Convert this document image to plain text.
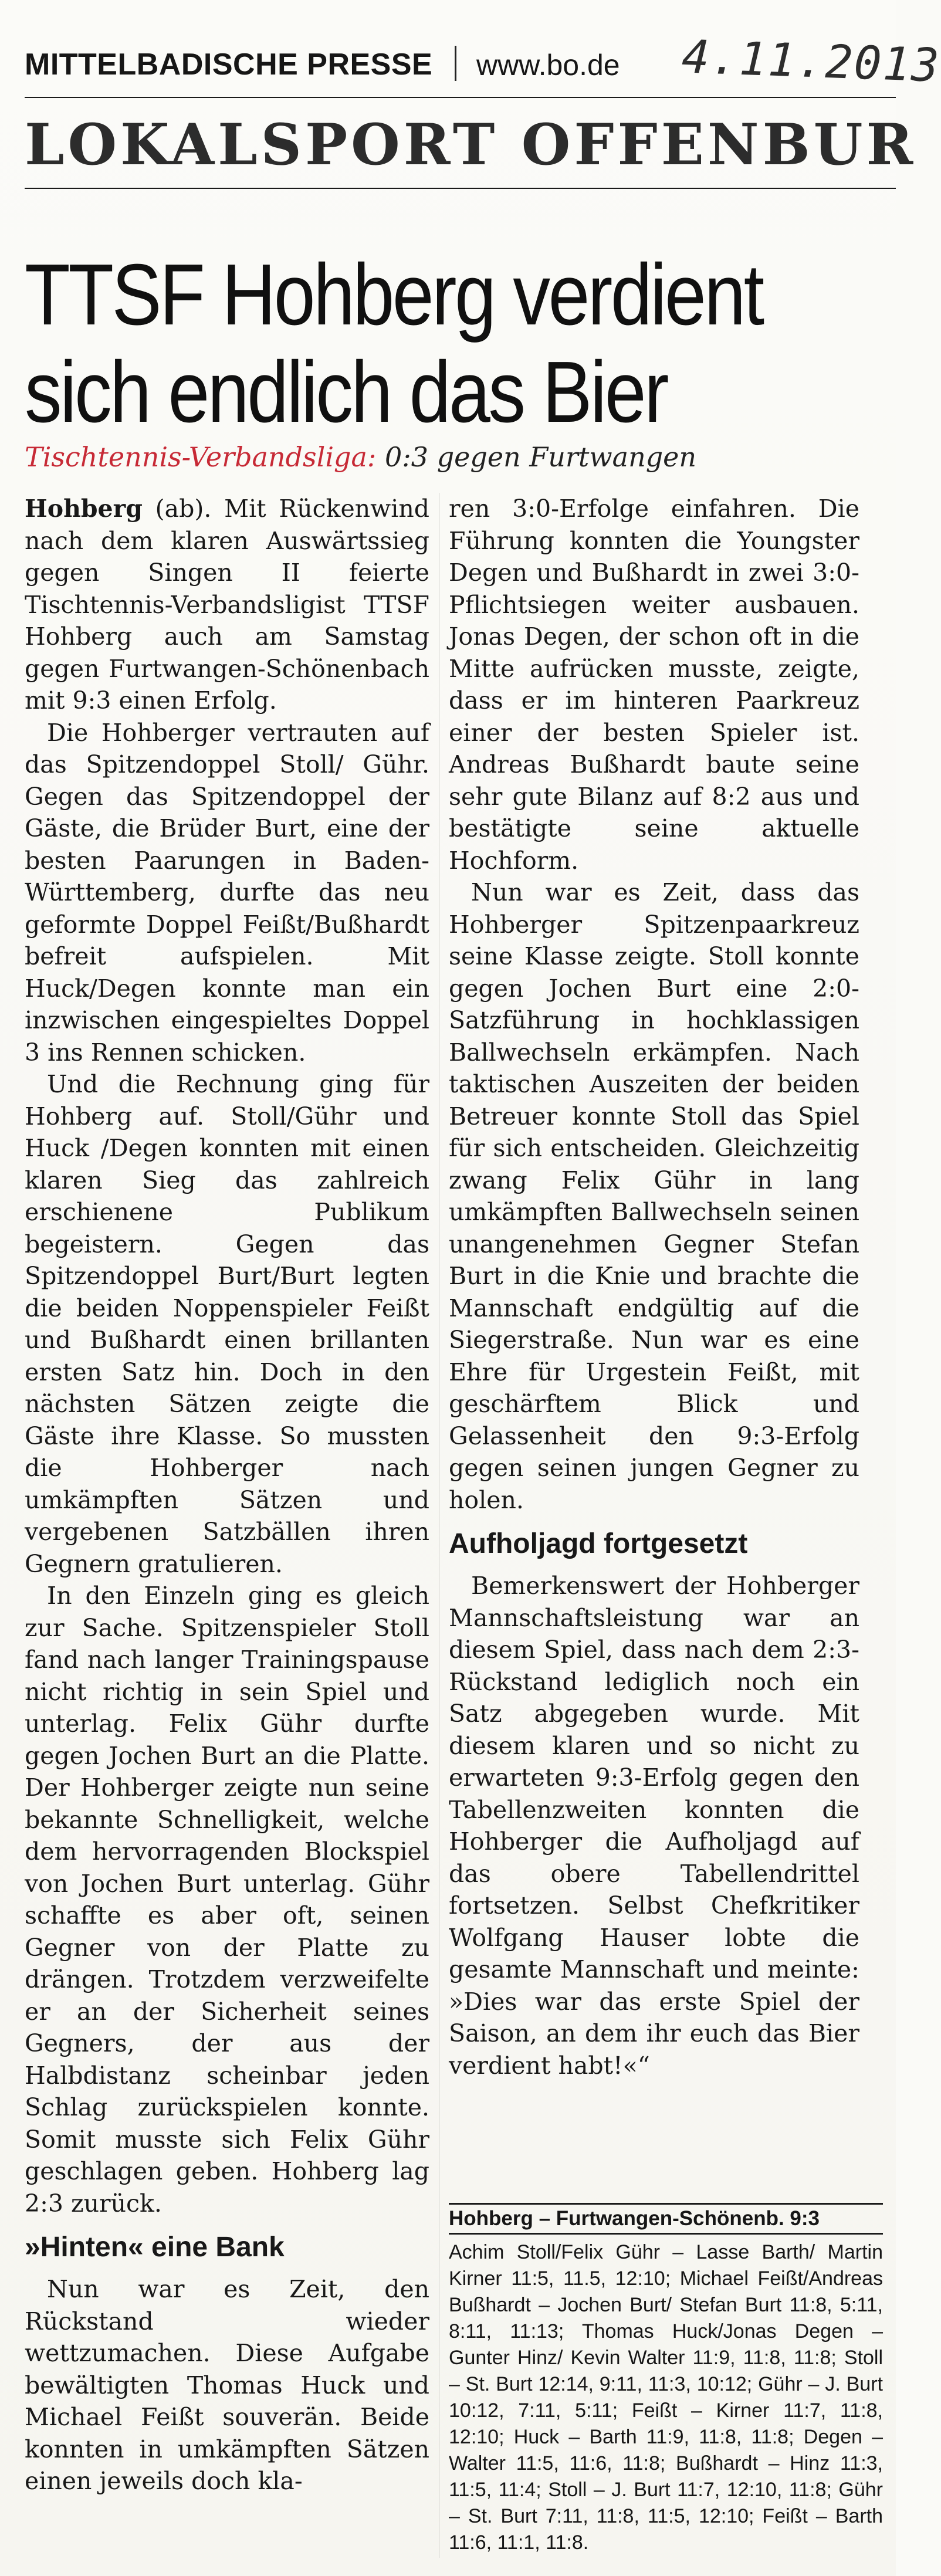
MITTELBADISCHE PRESSE www.bo.de 4.11.2013
LOKALSPORT OFFENBUR
TTSF Hohberg verdient
sich endlich das Bier
Tischtennis-Verbandsliga: 0:3 gegen Furtwangen

Hohberg (ab). Mit Rückenwind nach dem klaren Auswärtssieg gegen Singen II feierte Tischtennis-Verbandsligist TTSF Hohberg auch am Samstag gegen Furtwangen-Schönenbach mit 9:3 einen Erfolg.

Die Hohberger vertrauten auf das Spitzendoppel Stoll/ Gühr. Gegen das Spitzendoppel der Gäste, die Brüder Burt, eine der besten Paarungen in Baden-Württemberg, durfte das neu geformte Doppel Feißt/Bußhardt befreit aufspielen. Mit Huck/Degen konnte man ein inzwischen eingespieltes Doppel 3 ins Rennen schicken.

Und die Rechnung ging für Hohberg auf. Stoll/Gühr und Huck /Degen konnten mit einen klaren Sieg das zahlreich erschienene Publikum begeistern. Gegen das Spitzendoppel Burt/Burt legten die beiden Noppenspieler Feißt und Bußhardt einen brillanten ersten Satz hin. Doch in den nächsten Sätzen zeigte die Gäste ihre Klasse. So mussten die Hohberger nach umkämpften Sätzen und vergebenen Satzbällen ihren Gegnern gratulieren.

In den Einzeln ging es gleich zur Sache. Spitzenspieler Stoll fand nach langer Trainingspause nicht richtig in sein Spiel und unterlag. Felix Gühr durfte gegen Jochen Burt an die Platte. Der Hohberger zeigte nun seine bekannte Schnelligkeit, welche dem hervorragenden Blockspiel von Jochen Burt unterlag. Gühr schaffte es aber oft, seinen Gegner von der Platte zu drängen. Trotzdem verzweifelte er an der Sicherheit seines Gegners, der aus der Halbdistanz scheinbar jeden Schlag zurückspielen konnte. Somit musste sich Felix Gühr geschlagen geben. Hohberg lag 2:3 zurück.

»Hinten« eine Bank

Nun war es Zeit, den Rückstand wieder wettzumachen. Diese Aufgabe bewältigten Thomas Huck und Michael Feißt souverän. Beide konnten in umkämpften Sätzen einen jeweils doch kla-

ren 3:0-Erfolge einfahren. Die Führung konnten die Youngster Degen und Bußhardt in zwei 3:0-Pflichtsiegen weiter ausbauen. Jonas Degen, der schon oft in die Mitte aufrücken musste, zeigte, dass er im hinteren Paarkreuz einer der besten Spieler ist. Andreas Bußhardt baute seine sehr gute Bilanz auf 8:2 aus und bestätigte seine aktuelle Hochform.

Nun war es Zeit, dass das Hohberger Spitzenpaarkreuz seine Klasse zeigte. Stoll konnte gegen Jochen Burt eine 2:0-Satzführung in hochklassigen Ballwechseln erkämpfen. Nach taktischen Auszeiten der beiden Betreuer konnte Stoll das Spiel für sich entscheiden. Gleichzeitig zwang Felix Gühr in lang umkämpften Ballwechseln seinen unangenehmen Gegner Stefan Burt in die Knie und brachte die Mannschaft endgültig auf die Siegerstraße. Nun war es eine Ehre für Urgestein Feißt, mit geschärftem Blick und Gelassenheit den 9:3-Erfolg gegen seinen jungen Gegner zu holen.

Aufholjagd fortgesetzt

Bemerkenswert der Hohberger Mannschaftsleistung war an diesem Spiel, dass nach dem 2:3-Rückstand lediglich noch ein Satz abgegeben wurde. Mit diesem klaren und so nicht zu erwarteten 9:3-Erfolg gegen den Tabellenzweiten konnten die Hohberger die Aufholjagd auf das obere Tabellendrittel fortsetzen. Selbst Chefkritiker Wolfgang Hauser lobte die gesamte Mannschaft und meinte: »Dies war das erste Spiel der Saison, an dem ihr euch das Bier verdient habt!«“

Hohberg – Furtwangen-Schönenb. 9:3
Achim Stoll/Felix Gühr – Lasse Barth/ Martin Kirner 11:5, 11.5, 12:10; Michael Feißt/Andreas Bußhardt – Jochen Burt/ Stefan Burt 11:8, 5:11, 8:11, 11:13; Thomas Huck/Jonas Degen – Gunter Hinz/ Kevin Walter 11:9, 11:8, 11:8; Stoll – St. Burt 12:14, 9:11, 11:3, 10:12; Gühr – J. Burt 10:12, 7:11, 5:11; Feißt – Kirner 11:7, 11:8, 12:10; Huck – Barth 11:9, 11:8, 11:8; Degen – Walter 11:5, 11:6, 11:8; Bußhardt – Hinz 11:3, 11:5, 11:4; Stoll – J. Burt 11:7, 12:10, 11:8; Gühr – St. Burt 7:11, 11:8, 11:5, 12:10; Feißt – Barth 11:6, 11:1, 11:8.
